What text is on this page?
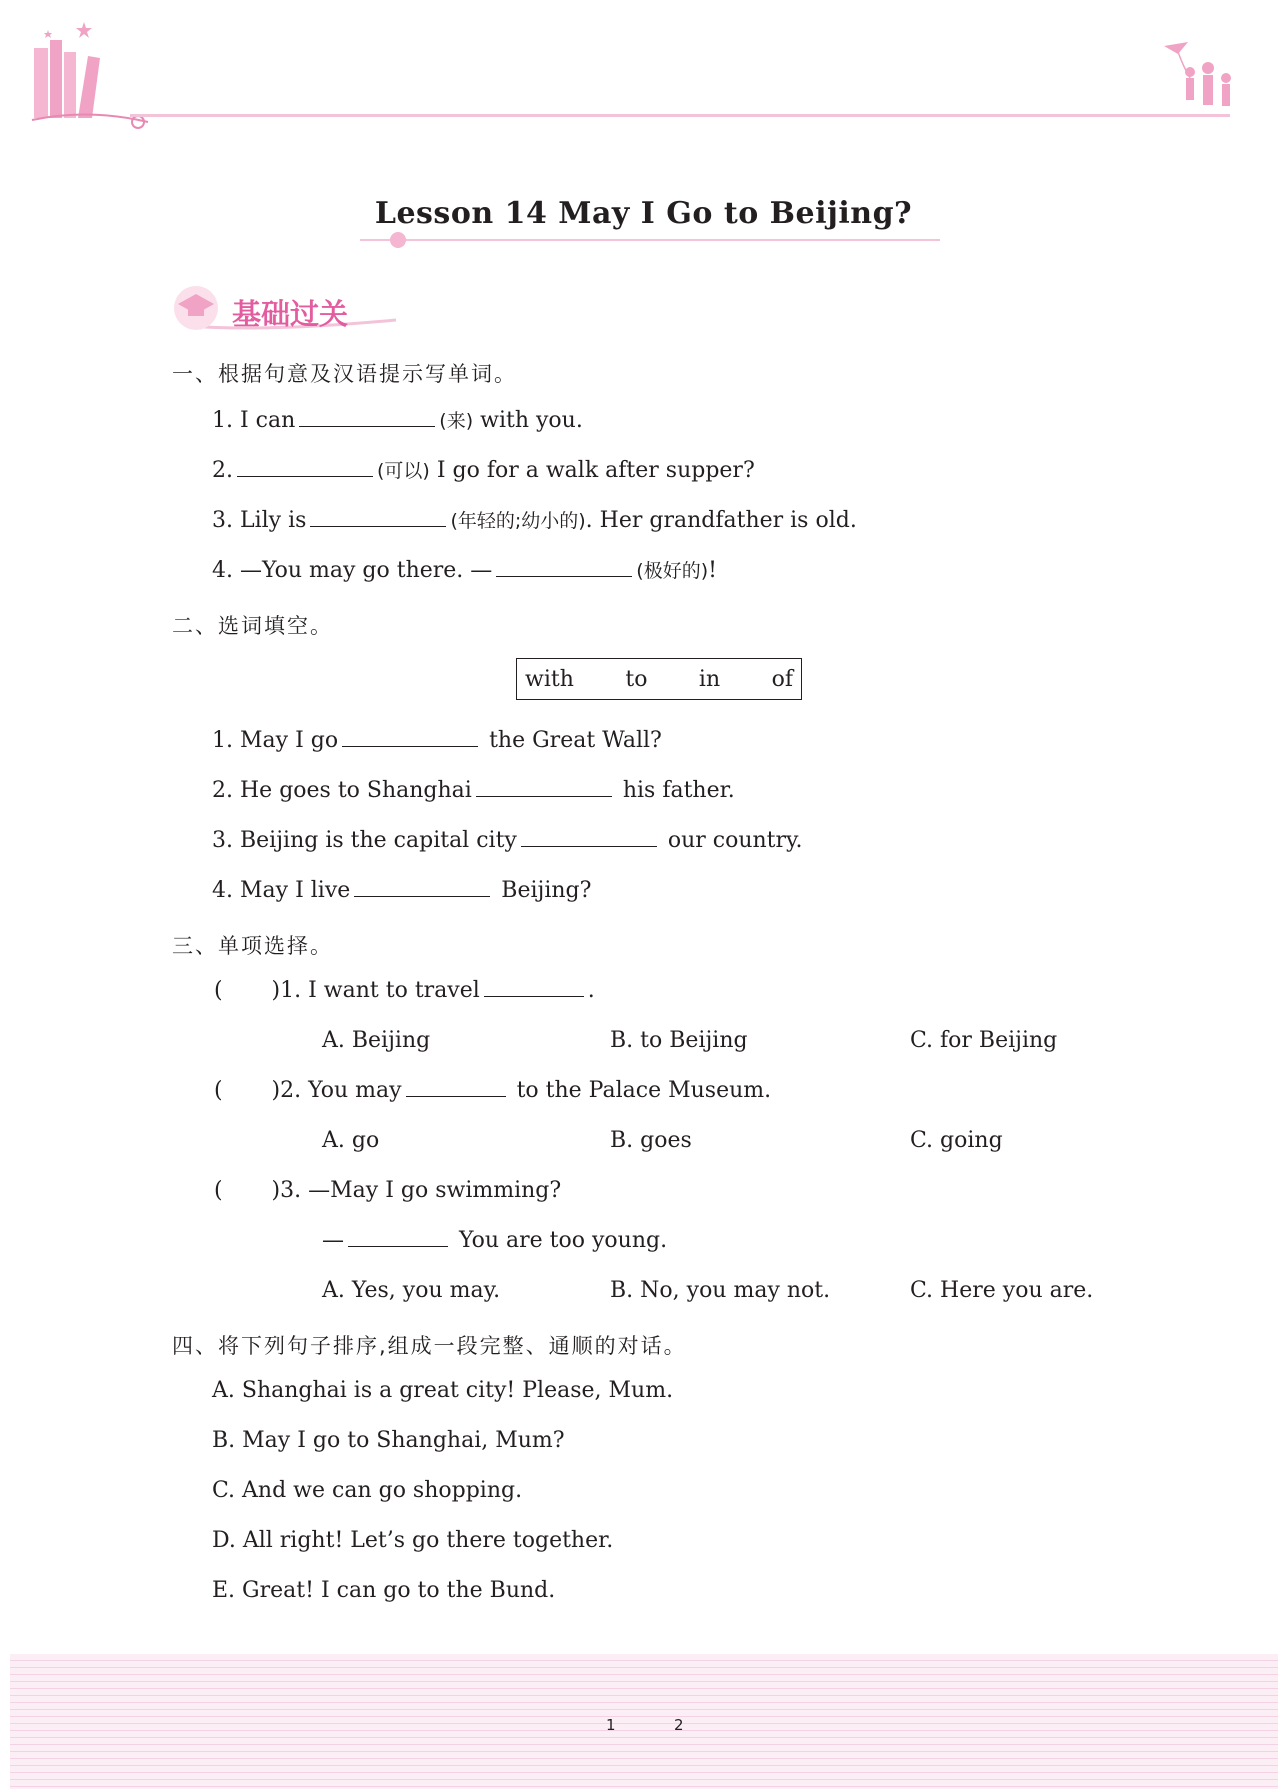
Lesson 14 May I Go to Beijing?
基础过关
一、根据句意及汉语提示写单词。
1. I can	(来) with you.
2.	(可以) I go for a walk after supper?
3. Lily is	(年轻的;幼小的). Her grandfather is old.
4. —You may go there. —	(极好的)!
二、选词填空。
with to in of
1. May I go	the Great Wall?
2. He goes to Shanghai	his father.
3. Beijing is the capital city	our country.
4. May I live	Beijing?
三、单项选择。
(       )1. I want to travel	.
A. Beijing	B. to Beijing	C. for Beijing
(       )2. You may	to the Palace Museum.
A. go	B. goes	C. going
(       )3. —May I go swimming?
—	You are too young.
A. Yes, you may.	B. No, you may not.	C. Here you are.
四、将下列句子排序,组成一段完整、通顺的对话。
A. Shanghai is a great city! Please, Mum.
B. May I go to Shanghai, Mum?
C. And we can go shopping.
D. All right! Let’s go there together.
E. Great! I can go to the Bund.
1	2
